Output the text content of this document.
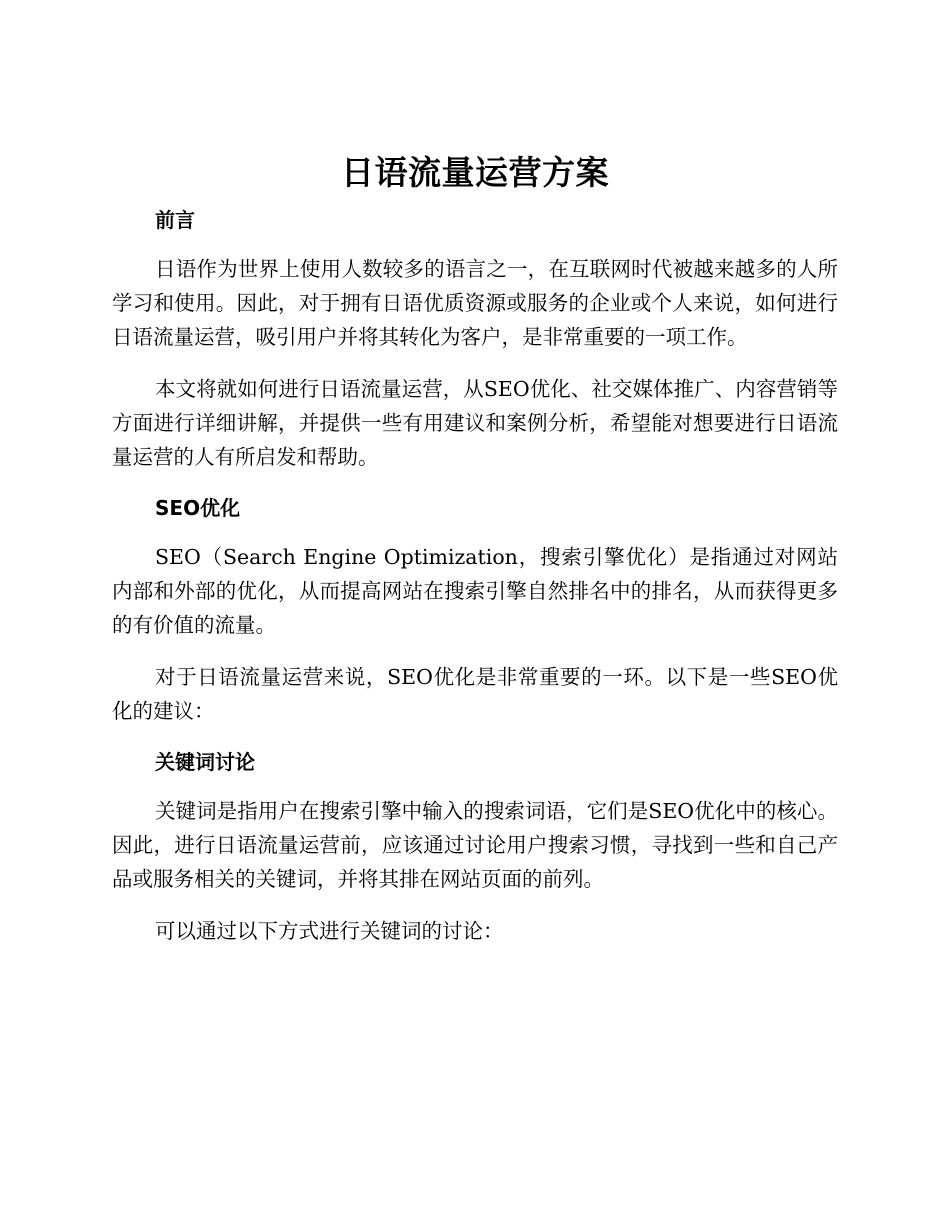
日语流量运营方案
前言

日语作为世界上使用人数较多的语言之一，在互联网时代被越来越多的人所学习和使用。因此，对于拥有日语优质资源或服务的企业或个人来说，如何进行日语流量运营，吸引用户并将其转化为客户，是非常重要的一项工作。

本文将就如何进行日语流量运营，从SEO优化、社交媒体推广、内容营销等方面进行详细讲解，并提供一些有用建议和案例分析，希望能对想要进行日语流量运营的人有所启发和帮助。

SEO优化

SEO（Search Engine Optimization，搜索引擎优化）是指通过对网站内部和外部的优化，从而提高网站在搜索引擎自然排名中的排名，从而获得更多的有价值的流量。

对于日语流量运营来说，SEO优化是非常重要的一环。以下是一些SEO优化的建议：

关键词讨论

关键词是指用户在搜索引擎中输入的搜索词语，它们是SEO优化中的核心。因此，进行日语流量运营前，应该通过讨论用户搜索习惯，寻找到一些和自己产品或服务相关的关键词，并将其排在网站页面的前列。

可以通过以下方式进行关键词的讨论：
